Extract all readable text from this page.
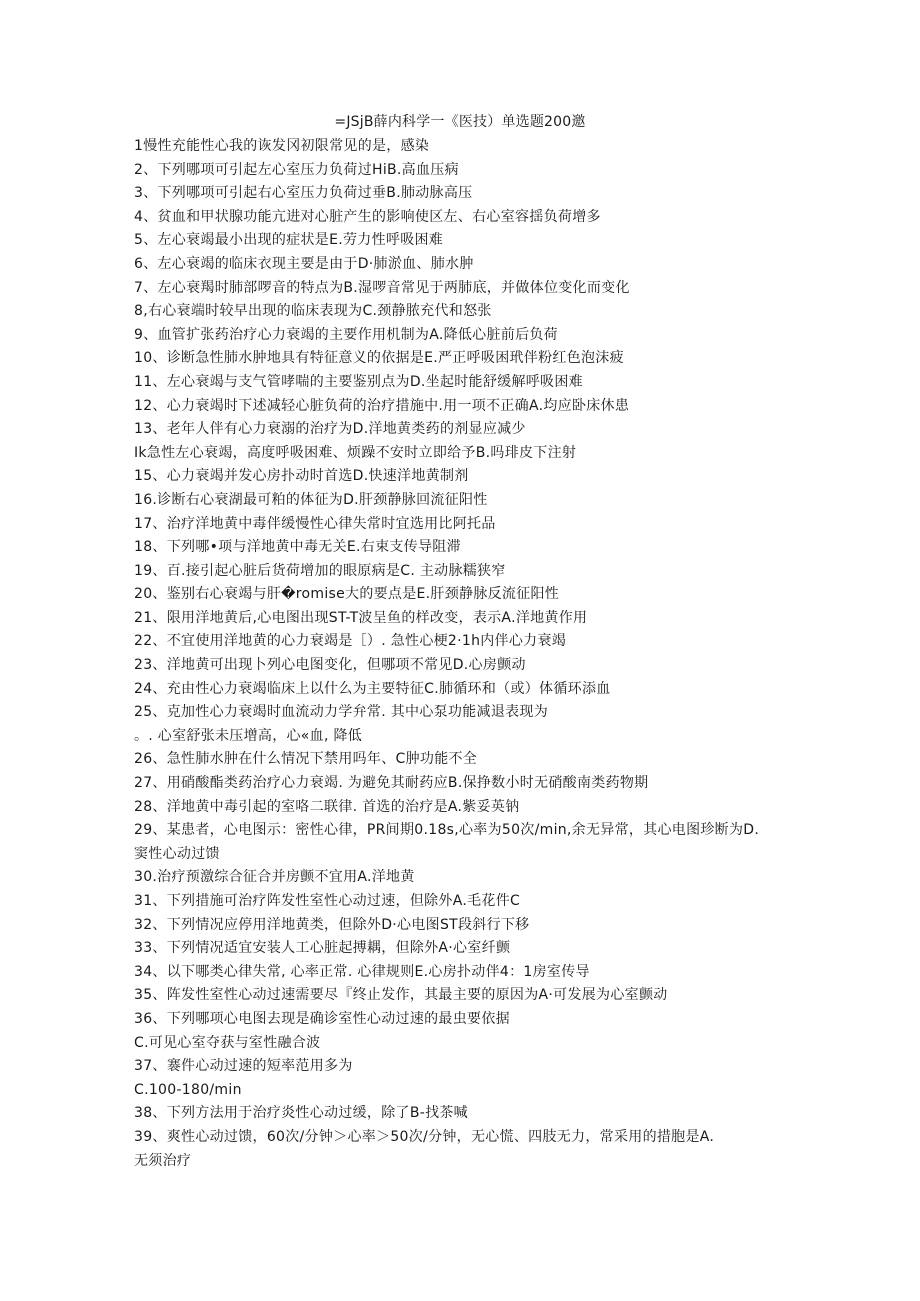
=JSjB薛内科学一《医技）单选题200邀
1慢性充能性心我的诙发冈初限常见的是，感染
2、下列哪项可引起左心室压力负荷过HiB.高血压病
3、下列哪项可引起右心室压力负荷过垂B.肺动脉高压
4、贫血和甲状腺功能亢进对心脏产生的影响使区左、右心室容揺负荷增多
5、左心衰竭最小出现的症状是E.劳力性呼吸困难
6、左心衰竭的临床衣现主要是由于D·肺淤血、肺水肿
7、左心衰羯时肺部啰音的特点为B.湿啰音常见于两肺底，并做体位变化而变化
8,右心衰端时较早出现的临床表现为C.颈静脓充代和怒张
9、血管扩张药治疗心力衰竭的主要作用机制为A.降低心脏前后负荷
10、诊断急性肺水肿地具有特征意义的依据是E.严正呼吸困玳伴粉红色泡沫疲
11、左心衰竭与支气管哮喘的主要鉴别点为D.坐起时能舒缓解呼吸困难
12、心力衰竭时下述减轻心脏负荷的治疗措施中.用一项不正确A.均应卧床休患
13、老年人伴有心力衰溺的治疗为D.洋地黄类药的剂显应减少
Ik急性左心衰竭，高度呼吸困难、烦躁不安时立即给予B.吗琲皮下注射
15、心力衰竭并发心房扑动时首选D.快速洋地黄制剂
16.诊断右心衰湖最可粕的体征为D.肝颈静脉回流征阳性
17、治疗洋地黄中毒伴缓慢性心律失常时宜选用比阿托品
18、下列哪•项与洋地黄中毒无关E.右束支传导阻滞
19、百.接引起心脏后货荷增加的眼原病是C. 主动脉糯狭窄
20、鉴别右心衰竭与肝�romise大的要点是E.肝颈静脉反流征阳性
21、限用洋地黄后,心电图出现ST-T波呈鱼的样改变，表示A.洋地黄作用
22、不宜使用洋地黄的心力衰竭是［）. 急性心梗2·1h内伴心力衰竭
23、洋地黄可出现卜列心电图变化，但哪项不常见D.心房颤动
24、充由性心力衰竭临床上以什么为主要特征C.肺循环和（或）体循环添血
25、克加性心力衰竭时血流动力学弁常. 其中心泵功能减退表现为
。. 心室舒张未压增高，心«血, 降低
26、急性肺水肿在什么情况下禁用吗年、C肿功能不全
27、用硝酸酯类药治疗心力衰竭. 为避免其耐药应B.保挣数小时无硝酸南类药物期
28、洋地黄中毒引起的室咯二联律. 首选的治疗是A.紫妥英钠
29、某患者，心电图示：密性心律，PR间期0.18s,心率为50次/min,余无异常，其心电图珍断为D.
窦性心动过馈
30.治疗预激综合征合并房颤不宜用A.洋地黄
31、下列措施可治疗阵发性室性心动过速，但除外A.毛花件C
32、下列情况应停用洋地黄类，但除外D·心电图ST段斜行下移
33、下列情况适宜安装人工心脏起搏耦，但除外A·心室纤颤
34、以下哪类心律失常, 心率正常. 心律规则E.心房扑动伴4：1房室传导
35、阵发性室性心动过速需要尽『终止发作，其最主要的原因为A·可发展为心室颤动
36、下列哪项心电图去现是确诊室性心动过速的最虫要依据
C.可见心室夺获与室性融合波
37、褰件心动过速的短率范用多为
C.100-180/min
38、下列方法用于治疗炎性心动过缓，除了B-找茶喊
39、爽性心动过馈，60次/分钟＞心率＞50次/分钟，无心慌、四肢无力，常采用的措胞是A.
无须治疗
